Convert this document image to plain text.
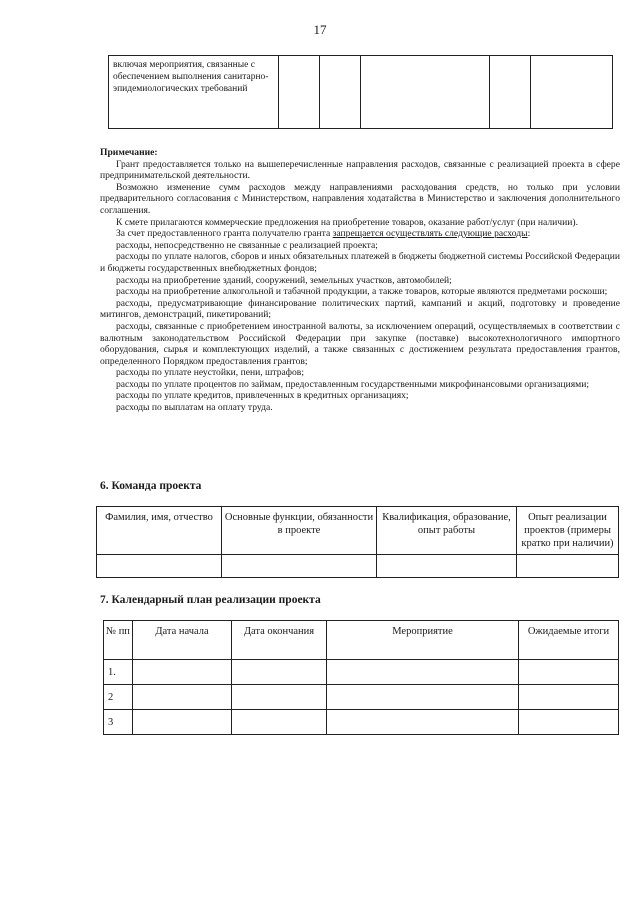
17
включая мероприятия, связанные с обеспечением выполнения санитарно-эпидемиологических требований					

Примечание:

Грант предоставляется только на вышеперечисленные направления расходов, связанные с реализацией проекта в сфере предпринимательской деятельности.

Возможно изменение сумм расходов между направлениями расходования средств, но только при условии предварительного согласования с Министерством, направления ходатайства в Министерство и заключения дополнительного соглашения.

К смете прилагаются коммерческие предложения на приобретение товаров, оказание работ/услуг (при наличии).

За счет предоставленного гранта получателю гранта запрещается осуществлять следующие расходы:

расходы, непосредственно не связанные с реализацией проекта;

расходы по уплате налогов, сборов и иных обязательных платежей в бюджеты бюджетной системы Российской Федерации и бюджеты государственных внебюджетных фондов;

расходы на приобретение зданий, сооружений, земельных участков, автомобилей;

расходы на приобретение алкогольной и табачной продукции, а также товаров, которые являются предметами роскоши;

расходы, предусматривающие финансирование политических партий, кампаний и акций, подготовку и проведение митингов, демонстраций, пикетирований;

расходы, связанные с приобретением иностранной валюты, за исключением операций, осуществляемых в соответствии с валютным законодательством Российской Федерации при закупке (поставке) высокотехнологичного импортного оборудования, сырья и комплектующих изделий, а также связанных с достижением результата предоставления грантов, определенного Порядком предоставления грантов;

расходы по уплате неустойки, пени, штрафов;

расходы по уплате процентов по займам, предоставленным государственными микрофинансовыми организациями;

расходы по уплате кредитов, привлеченных в кредитных организациях;

расходы по выплатам на оплату труда.

6. Команда проекта
Фамилия, имя, отчество	Основные функции, обязанности в проекте	Квалификация, образование, опыт работы	Опыт реализации проектов (примеры кратко при наличии)

7. Календарный план реализации проекта
№ пп	Дата начала	Дата окончания	Мероприятие	Ожидаемые итоги
1.				
2				
3				
